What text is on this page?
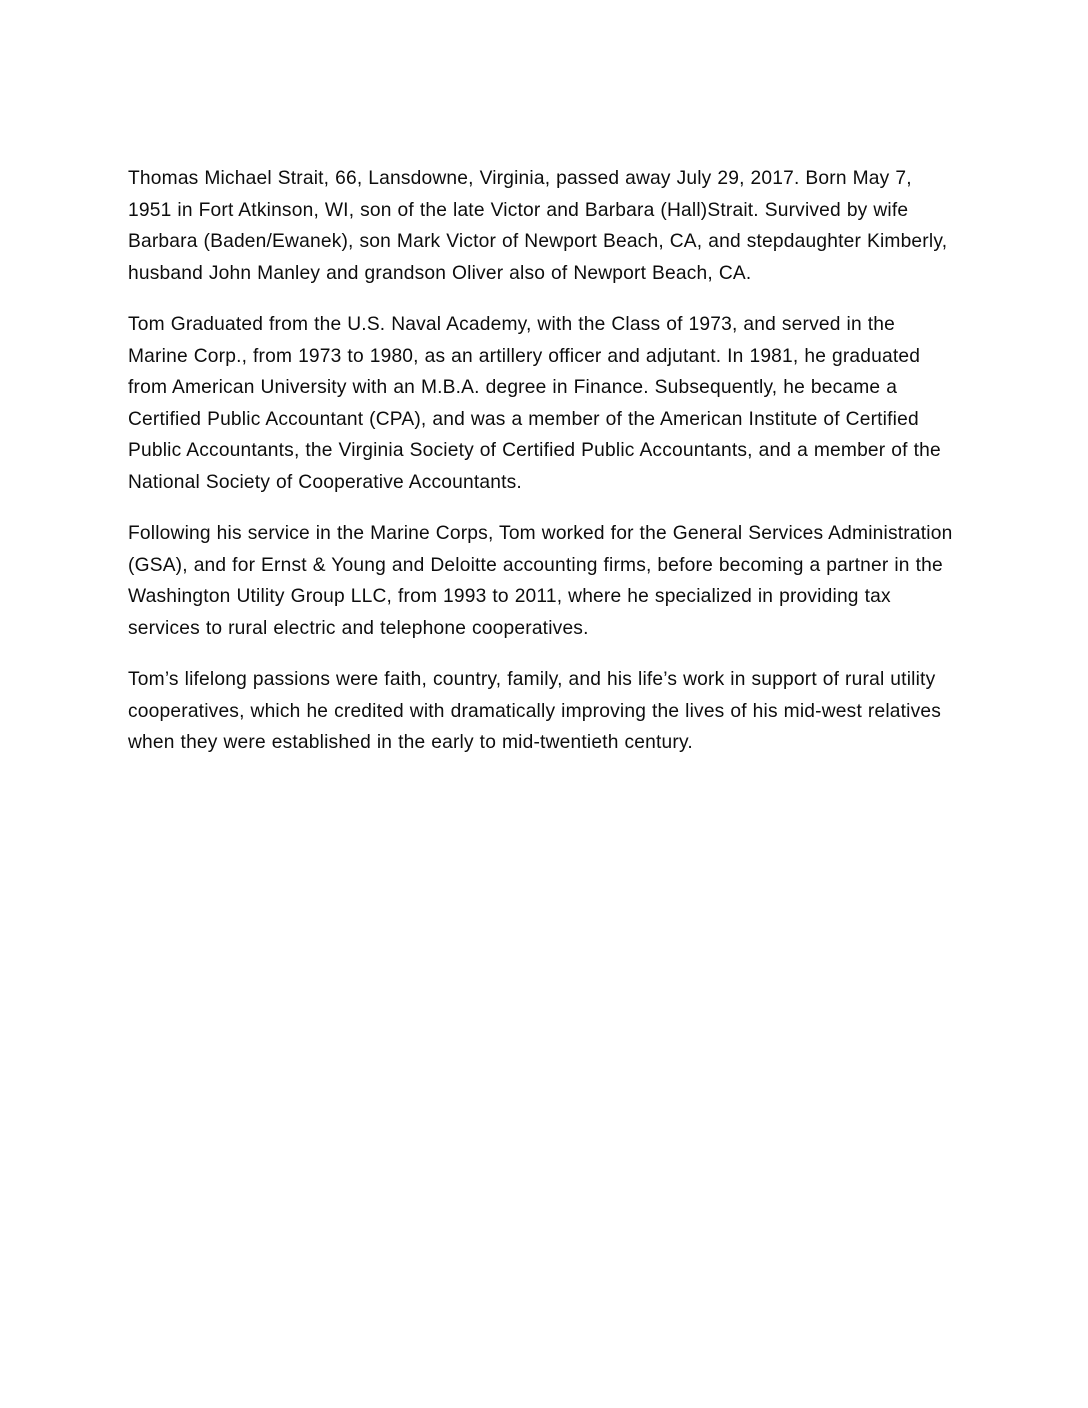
Thomas Michael Strait, 66, Lansdowne, Virginia, passed away July 29, 2017. Born May 7, 1951 in Fort Atkinson, WI, son of the late Victor and Barbara (Hall)Strait. Survived by wife Barbara (Baden/Ewanek), son Mark Victor of Newport Beach, CA, and stepdaughter Kimberly, husband John Manley and grandson Oliver also of Newport Beach, CA.

Tom Graduated from the U.S. Naval Academy, with the Class of 1973, and served in the Marine Corp., from 1973 to 1980, as an artillery officer and adjutant. In 1981, he graduated from American University with an M.B.A. degree in Finance. Subsequently, he became a Certified Public Accountant (CPA), and was a member of the American Institute of Certified Public Accountants, the Virginia Society of Certified Public Accountants, and a member of the National Society of Cooperative Accountants.

Following his service in the Marine Corps, Tom worked for the General Services Administration (GSA), and for Ernst & Young and Deloitte accounting firms, before becoming a partner in the Washington Utility Group LLC, from 1993 to 2011, where he specialized in providing tax services to rural electric and telephone cooperatives.

Tom’s lifelong passions were faith, country, family, and his life’s work in support of rural utility cooperatives, which he credited with dramatically improving the lives of his mid-west relatives when they were established in the early to mid-twentieth century.
